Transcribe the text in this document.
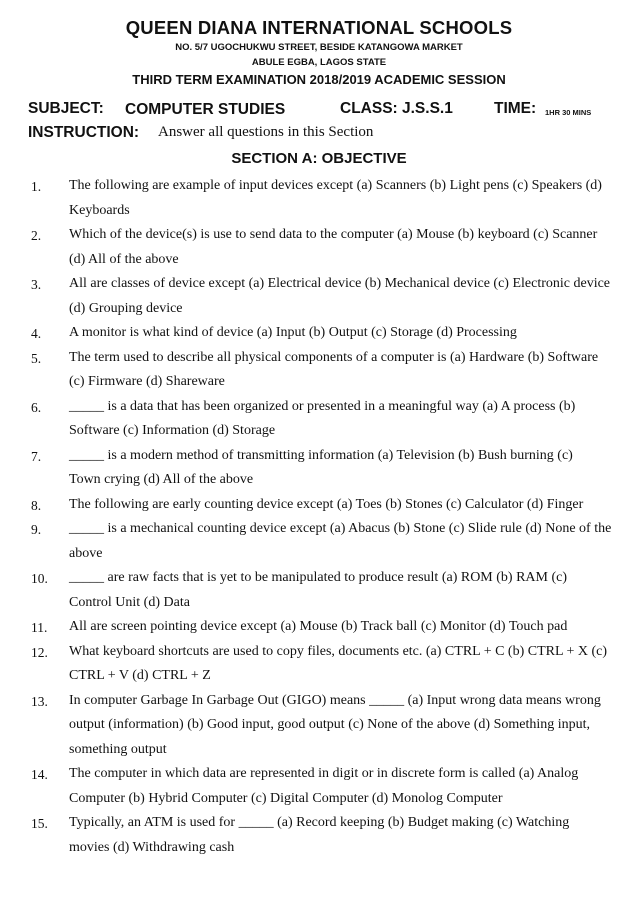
QUEEN DIANA INTERNATIONAL SCHOOLS
NO. 5/7 UGOCHUKWU STREET, BESIDE KATANGOWA MARKET
ABULE EGBA, LAGOS STATE
THIRD TERM EXAMINATION 2018/2019 ACADEMIC SESSION
SUBJECT: COMPUTER STUDIES	CLASS: J.S.S.1	TIME: 1HR 30 MINS
INSTRUCTION: Answer all questions in this Section
SECTION A: OBJECTIVE
1. The following are example of input devices except (a) Scanners (b) Light pens (c) Speakers (d)
Keyboards
2. Which of the device(s) is use to send data to the computer (a) Mouse (b) keyboard (c) Scanner
(d) All of the above
3. All are classes of device except (a) Electrical device (b) Mechanical device (c) Electronic device
(d) Grouping device
4. A monitor is what kind of device (a) Input (b) Output (c) Storage (d) Processing
5. The term used to describe all physical components of a computer is (a) Hardware (b) Software
(c) Firmware (d) Shareware
6. _____ is a data that has been organized or presented in a meaningful way (a) A process (b)
Software (c) Information (d) Storage
7. _____ is a modern method of transmitting information (a) Television (b) Bush burning (c)
Town crying (d) All of the above
8. The following are early counting device except (a) Toes (b) Stones (c) Calculator (d) Finger
9. _____ is a mechanical counting device except (a) Abacus (b) Stone (c) Slide rule (d) None of the
above
10. _____ are raw facts that is yet to be manipulated to produce result (a) ROM (b) RAM (c)
Control Unit (d) Data
11. All are screen pointing device except (a) Mouse (b) Track ball (c) Monitor (d) Touch pad
12. What keyboard shortcuts are used to copy files, documents etc. (a) CTRL + C (b) CTRL + X (c)
CTRL + V (d) CTRL + Z
13. In computer Garbage In Garbage Out (GIGO) means _____ (a) Input wrong data means wrong
output (information) (b) Good input, good output (c) None of the above (d) Something input,
something output
14. The computer in which data are represented in digit or in discrete form is called (a) Analog
Computer (b) Hybrid Computer (c) Digital Computer (d) Monolog Computer
15. Typically, an ATM is used for _____ (a) Record keeping (b) Budget making (c) Watching
movies (d) Withdrawing cash
